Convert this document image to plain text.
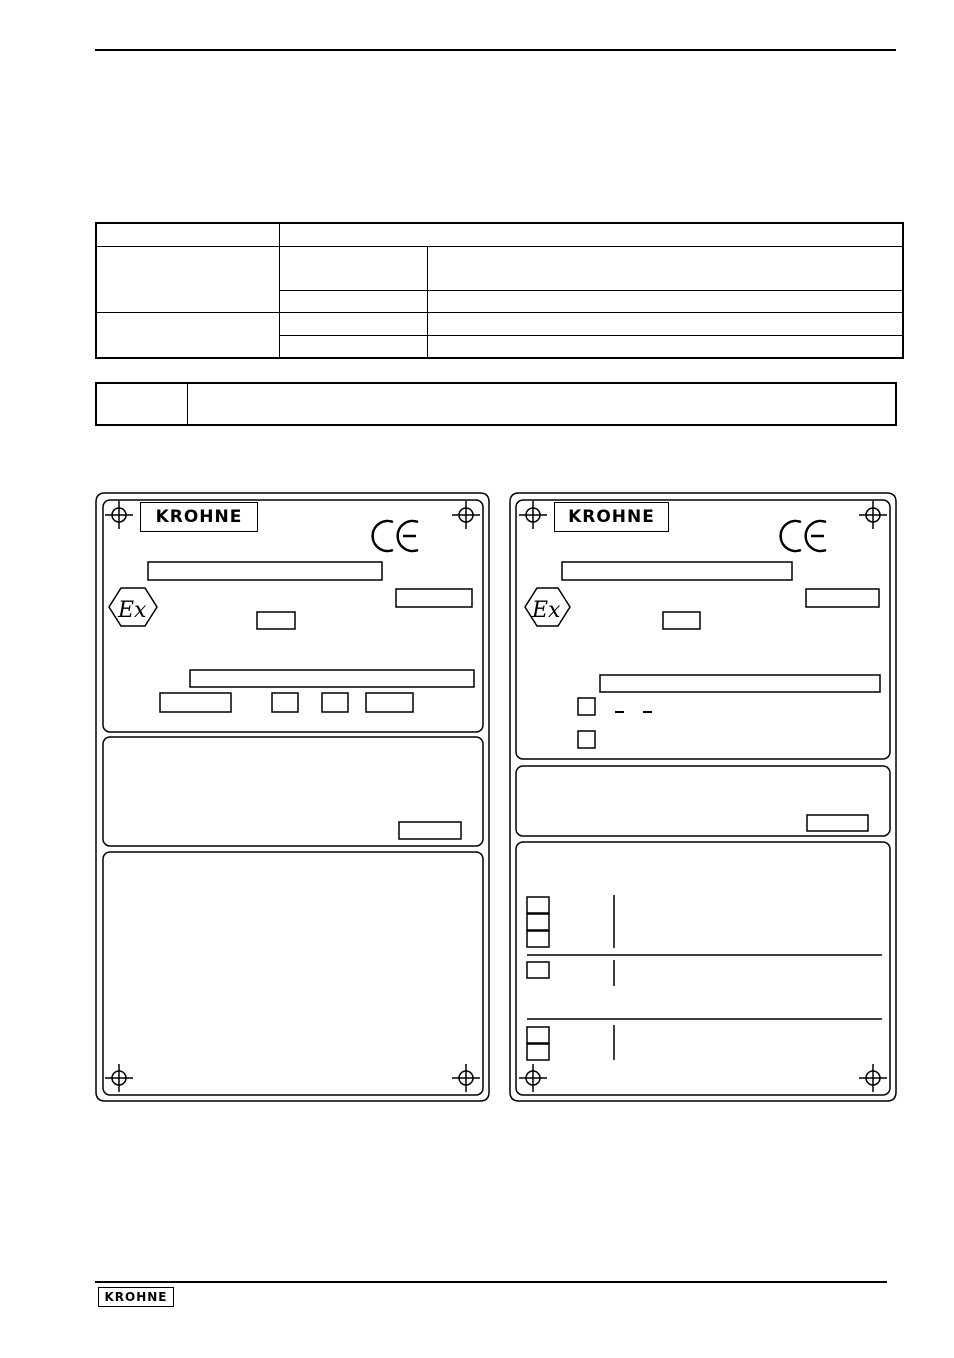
Ex
KROHNE
Ex
KROHNE
KROHNE
